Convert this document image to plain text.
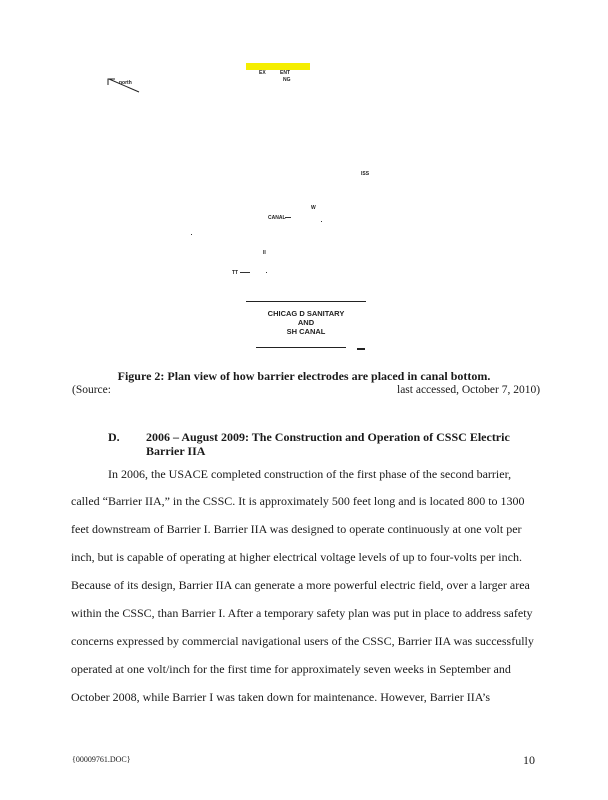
EX	ENT
NG
north
ISS
W
CANAL
II
TT
CHICAG D SANITARY
AND
SH CANAL
Figure 2: Plan view of how barrier electrodes are placed in canal bottom.
(Source:	last accessed, October 7, 2010)
D. 2006 – August 2009: The Construction and Operation of CSSC Electric
Barrier IIA
In 2006, the USACE completed construction of the first phase of the second barrier,
called “Barrier IIA,” in the CSSC. It is approximately 500 feet long and is located 800 to 1300
feet downstream of Barrier I. Barrier IIA was designed to operate continuously at one volt per
inch, but is capable of operating at higher electrical voltage levels of up to four-volts per inch.
Because of its design, Barrier IIA can generate a more powerful electric field, over a larger area
within the CSSC, than Barrier I. After a temporary safety plan was put in place to address safety
concerns expressed by commercial navigational users of the CSSC, Barrier IIA was successfully
operated at one volt/inch for the first time for approximately seven weeks in September and
October 2008, while Barrier I was taken down for maintenance. However, Barrier IIA’s
{00009761.DOC}	10
